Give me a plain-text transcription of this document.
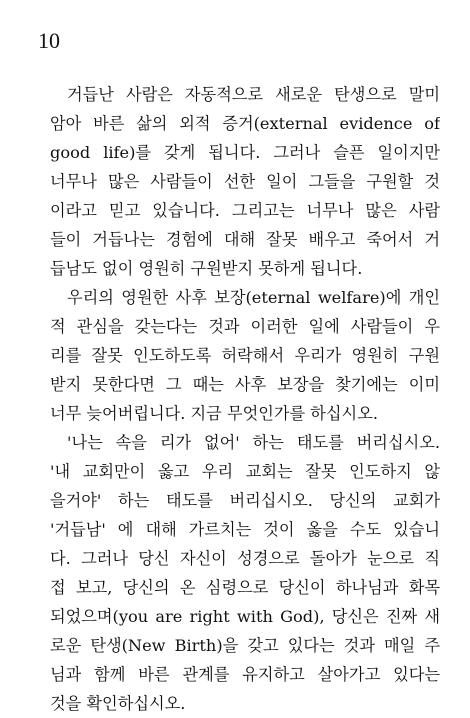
10

거듭난 사람은 자동적으로 새로운 탄생으로 말미
암아 바른 삶의 외적 증거(external evidence of
good life)를 갖게 됩니다. 그러나 슬픈 일이지만
너무나 많은 사람들이 선한 일이 그들을 구원할 것
이라고 믿고 있습니다. 그리고는 너무나 많은 사람
들이 거듭나는 경험에 대해 잘못 배우고 죽어서 거
듭남도 없이 영원히 구원받지 못하게 됩니다.

우리의 영원한 사후 보장(eternal welfare)에 개인
적 관심을 갖는다는 것과 이러한 일에 사람들이 우
리를 잘못 인도하도록 허락해서 우리가 영원히 구원
받지 못한다면 그 때는 사후 보장을 찾기에는 이미
너무 늦어버립니다. 지금 무엇인가를 하십시오.

'나는 속을 리가 없어' 하는 태도를 버리십시오.
'내 교회만이 옳고 우리 교회는 잘못 인도하지 않
을거야' 하는 태도를 버리십시오. 당신의 교회가
'거듭남' 에 대해 가르치는 것이 옳을 수도 있습니
다. 그러나 당신 자신이 성경으로 돌아가 눈으로 직
접 보고, 당신의 온 심령으로 당신이 하나님과 화목
되었으며(you are right with God), 당신은 진짜 새
로운 탄생(New Birth)을 갖고 있다는 것과 매일 주
님과 함께 바른 관계를 유지하고 살아가고 있다는
것을 확인하십시오.
